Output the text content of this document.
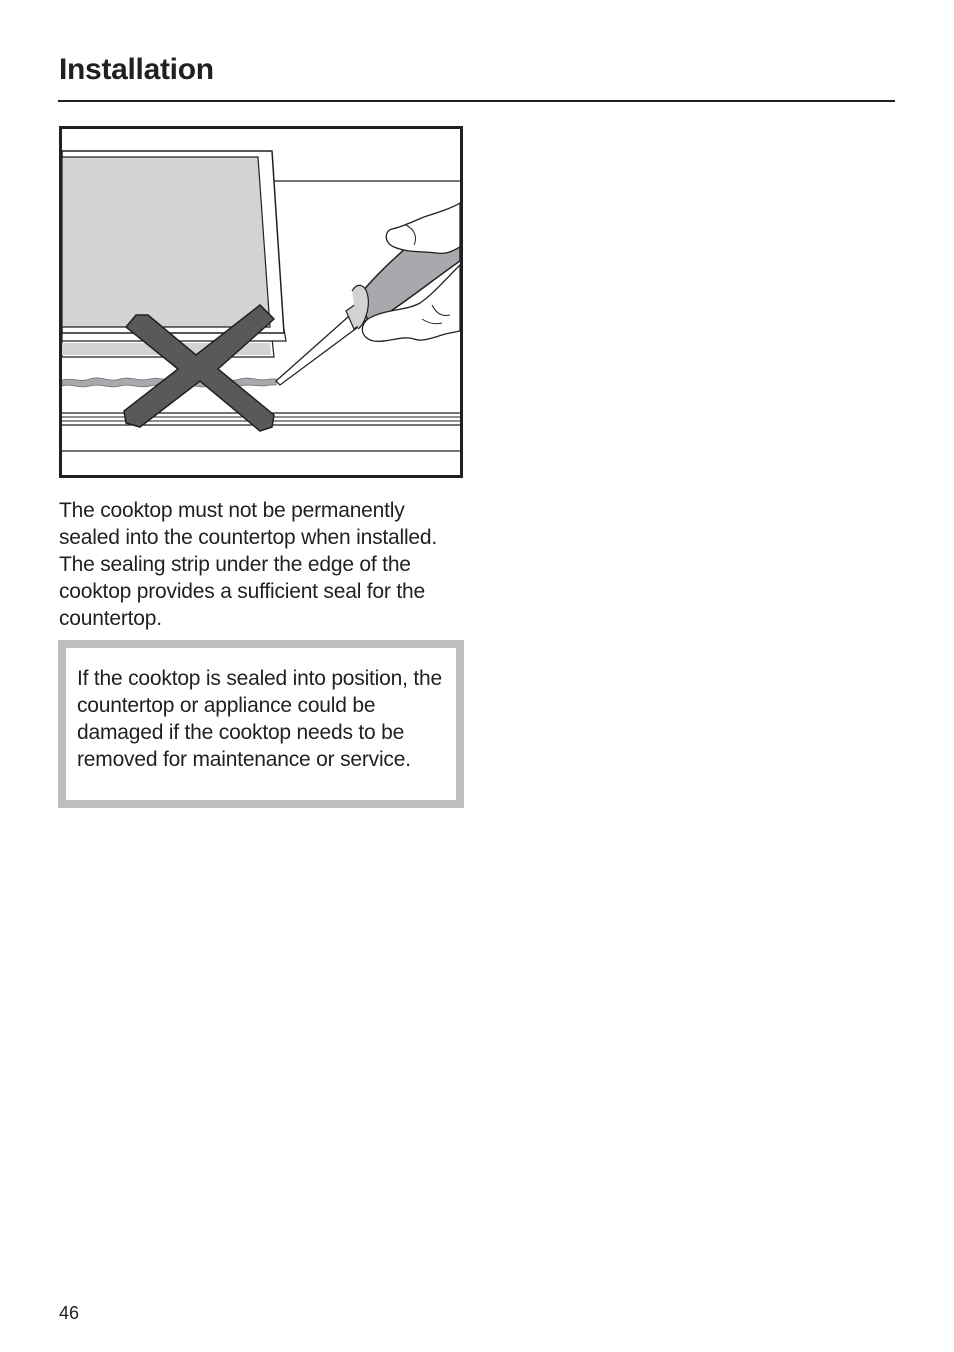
Installation

The cooktop must not be permanently sealed into the countertop when installed. The sealing strip under the edge of the cooktop provides a sufficient seal for the countertop.

If the cooktop is sealed into position, the countertop or appliance could be damaged if the cooktop needs to be removed for maintenance or service.

46
